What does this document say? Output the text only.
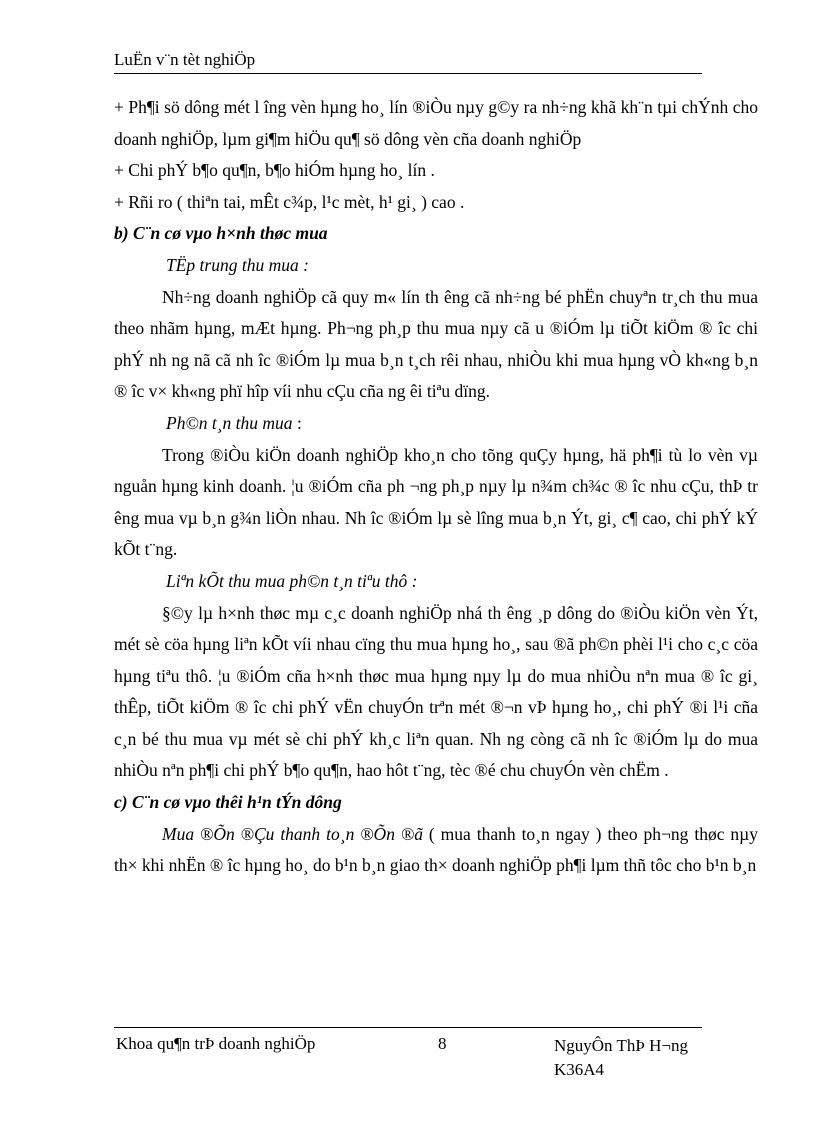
LuËn v¨n tèt nghiÖp

+ Ph¶i sö dông mét l îng vèn hµng ho¸ lín ®iÒu nµy g©y ra nh÷ng khã kh¨n tµi chÝnh cho doanh nghiÖp, lµm gi¶m hiÖu qu¶ sö dông vèn cña doanh nghiÖp

+ Chi phÝ b¶o qu¶n, b¶o hiÓm hµng ho¸ lín .

+ Rñi ro ( thiªn tai, mÊt c¾p, l¹c mèt, h¹ gi¸ ) cao .

b) C¨n cø vµo h×nh thøc mua

TËp trung thu mua :

Nh÷ng doanh nghiÖp cã quy m« lín th êng cã nh÷ng bé phËn chuyªn tr¸ch thu mua theo nhãm hµng, mÆt hµng. Ph¬ng ph¸p thu mua nµy cã u ®iÓm lµ tiÕt kiÖm ® îc chi phÝ nh ng nã cã nh îc ®iÓm lµ mua b¸n t¸ch rêi nhau, nhiÒu khi mua hµng vÒ kh«ng b¸n ® îc v× kh«ng phï hîp víi nhu cÇu cña ng êi tiªu dïng.

Ph©n t¸n thu mua :

Trong ®iÒu kiÖn doanh nghiÖp kho¸n cho tõng quÇy hµng, hä ph¶i tù lo vèn vµ nguån hµng kinh doanh. ¦u ®iÓm cña ph ¬ng ph¸p nµy lµ n¾m ch¾c ® îc nhu cÇu, thÞ tr êng mua vµ b¸n g¾n liÒn nhau. Nh îc ®iÓm lµ sè lîng mua b¸n Ýt, gi¸ c¶ cao, chi phÝ kÝ kÕt t¨ng.

Liªn kÕt thu mua ph©n t¸n tiªu thô :

§©y lµ h×nh thøc mµ c¸c doanh nghiÖp nhá th êng ¸p dông do ®iÒu kiÖn vèn Ýt, mét sè cöa hµng liªn kÕt víi nhau cïng thu mua hµng ho¸, sau ®ã ph©n phèi l¹i cho c¸c cöa hµng tiªu thô. ¦u ®iÓm cña h×nh thøc mua hµng nµy lµ do mua nhiÒu nªn mua ® îc gi¸ thÊp, tiÕt kiÖm ® îc chi phÝ vËn chuyÓn trªn mét ®¬n vÞ hµng ho¸, chi phÝ ®i l¹i cña c¸n bé thu mua vµ mét sè chi phÝ kh¸c liªn quan. Nh ng còng cã nh îc ®iÓm lµ do mua nhiÒu nªn ph¶i chi phÝ b¶o qu¶n, hao hôt t¨ng, tèc ®é chu chuyÓn vèn chËm .

c) C¨n cø vµo thêi h¹n tÝn dông

Mua ®Õn ®Çu thanh to¸n ®Õn ®ã ( mua thanh to¸n ngay ) theo ph¬ng thøc nµy th× khi nhËn ® îc hµng ho¸ do b¹n b¸n giao th× doanh nghiÖp ph¶i lµm thñ tôc cho b¹n b¸n

Khoa qu¶n trÞ doanh nghiÖp	8	NguyÔn ThÞ H¬ng
K36A4
